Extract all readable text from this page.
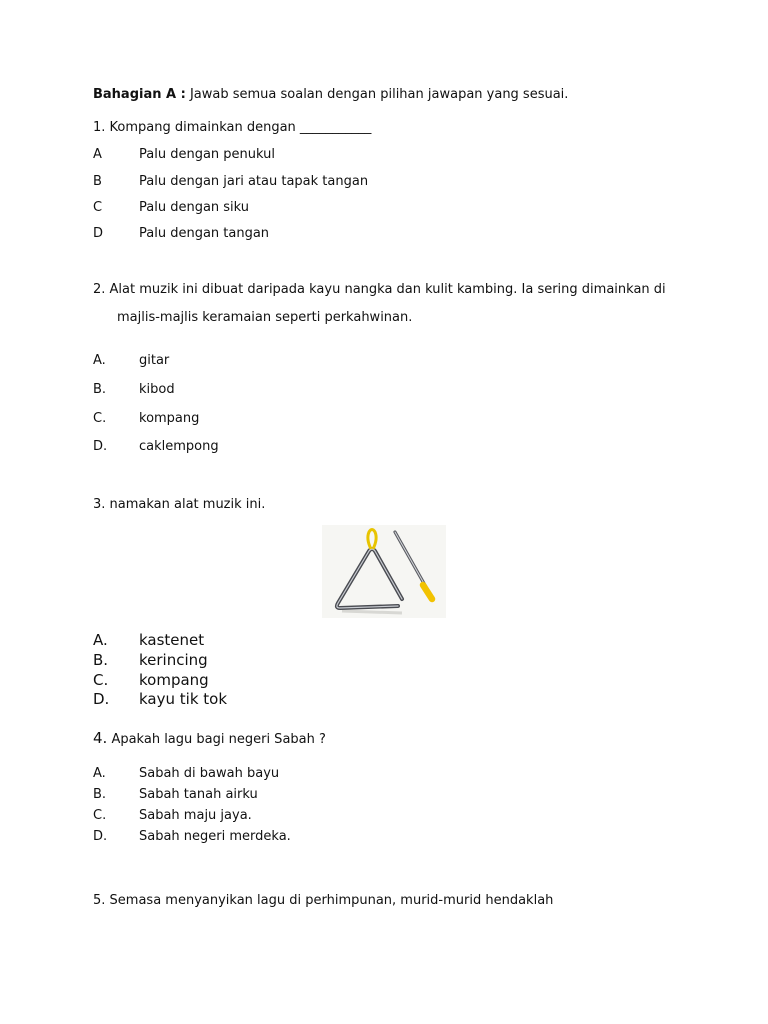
Bahagian A : Jawab semua soalan dengan pilihan jawapan yang sesuai.
1. Kompang dimainkan dengan ___________
A	Palu dengan penukul
B	Palu dengan jari atau tapak tangan
C	Palu dengan siku
D	Palu dengan tangan
2. Alat muzik ini dibuat daripada kayu nangka dan kulit kambing. Ia sering dimainkan di
majlis-majlis keramaian seperti perkahwinan.
A.	gitar
B.	kibod
C.	kompang
D. caklempong
3. namakan alat muzik ini.
A. kastenet
B. kerincing
C. kompang
D. kayu tik tok
4. Apakah lagu bagi negeri Sabah ?
A.	Sabah di bawah bayu
B.	Sabah tanah airku
C.	Sabah maju jaya.
D. Sabah negeri merdeka.
5. Semasa menyanyikan lagu di perhimpunan, murid-murid hendaklah
